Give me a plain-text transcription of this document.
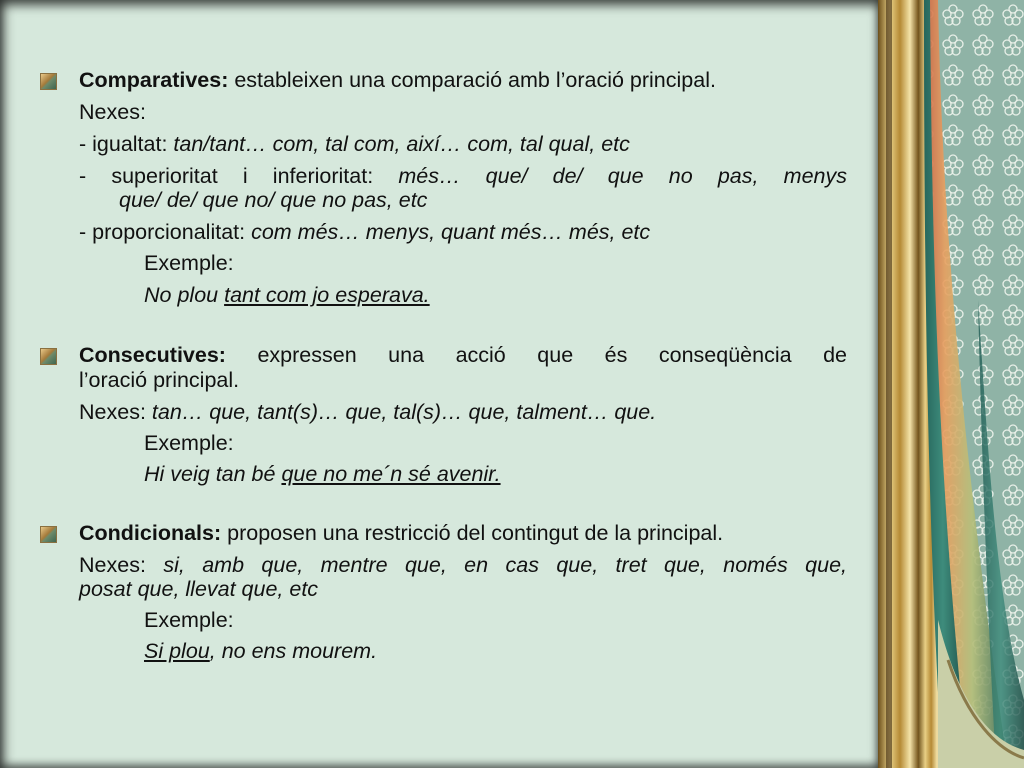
Comparatives: estableixen una comparació amb l’oració principal.
Nexes:
- igualtat: tan/tant… com, tal com, així… com, tal qual, etc
- superioritat i inferioritat: més… que/ de/ que no pas, menys
que/ de/ que no/ que no pas, etc
- proporcionalitat: com més… menys, quant més… més, etc
Exemple:
No plou tant com jo esperava.
Consecutives: expressen una acció que és conseqüència de
l’oració principal.
Nexes: tan… que, tant(s)… que, tal(s)… que, talment… que.
Exemple:
Hi veig tan bé que no me´n sé avenir.
Condicionals: proposen una restricció del contingut de la principal.
Nexes: si, amb que, mentre que, en cas que, tret que, només que,
posat que, llevat que, etc
Exemple:
Si plou, no ens mourem.
